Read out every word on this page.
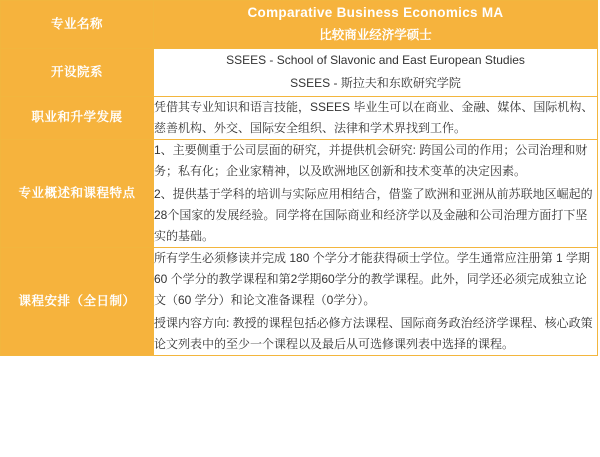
专业名称	Comparative Business Economics MA
比较商业经济学硕士

开设院系	SSEES - School of Slavonic and East European Studies
SSEES - 斯拉夫和东欧研究学院

职业和升学发展	凭借其专业知识和语言技能，SSEES 毕业生可以在商业、金融、媒体、国际机构、慈善机构、外交、国际安全组织、法律和学术界找到工作。

专业概述和课程特点	1、主要侧重于公司层面的研究，并提供机会研究: 跨国公司的作用；公司治理和财务；私有化；企业家精神，以及欧洲地区创新和技术变革的决定因素。

2、提供基于学科的培训与实际应用相结合，借鉴了欧洲和亚洲从前苏联地区崛起的28个国家的发展经验。同学将在国际商业和经济学以及金融和公司治理方面打下坚实的基础。

课程安排（全日制）	所有学生必须修读并完成 180 个学分才能获得硕士学位。学生通常应注册第 1 学期 60 个学分的教学课程和第2学期60学分的教学课程。此外，同学还必须完成独立论文（60 学分）和论文准备课程（0学分）。

授课内容方向: 教授的课程包括必修方法课程、国际商务政治经济学课程、核心政策论文列表中的至少一个课程以及最后从可选修课列表中选择的课程。
